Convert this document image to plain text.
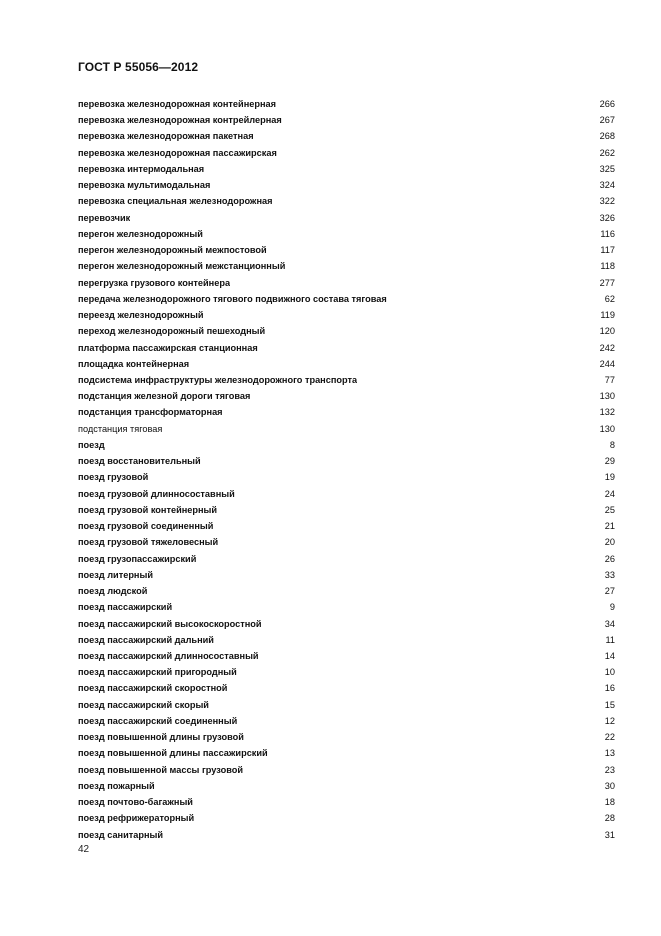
ГОСТ Р 55056—2012
перевозка железнодорожная контейнерная	266
перевозка железнодорожная контрейлерная	267
перевозка железнодорожная пакетная	268
перевозка железнодорожная пассажирская	262
перевозка интермодальная	325
перевозка мультимодальная	324
перевозка специальная железнодорожная	322
перевозчик	326
перегон железнодорожный	116
перегон железнодорожный межпостовой	117
перегон железнодорожный межстанционный	118
перегрузка грузового контейнера	277
передача железнодорожного тягового подвижного состава тяговая	62
переезд железнодорожный	119
переход железнодорожный пешеходный	120
платформа пассажирская станционная	242
площадка контейнерная	244
подсистема инфраструктуры железнодорожного транспорта	77
подстанция железной дороги тяговая	130
подстанция трансформаторная	132
подстанция тяговая	130
поезд	8
поезд восстановительный	29
поезд грузовой	19
поезд грузовой длинносоставный	24
поезд грузовой контейнерный	25
поезд грузовой соединенный	21
поезд грузовой тяжеловесный	20
поезд грузопассажирский	26
поезд литерный	33
поезд людской	27
поезд пассажирский	9
поезд пассажирский высокоскоростной	34
поезд пассажирский дальний	11
поезд пассажирский длинносоставный	14
поезд пассажирский пригородный	10
поезд пассажирский скоростной	16
поезд пассажирский скорый	15
поезд пассажирский соединенный	12
поезд повышенной длины грузовой	22
поезд повышенной длины пассажирский	13
поезд повышенной массы грузовой	23
поезд пожарный	30
поезд почтово-багажный	18
поезд рефрижераторный	28
поезд санитарный	31
42
